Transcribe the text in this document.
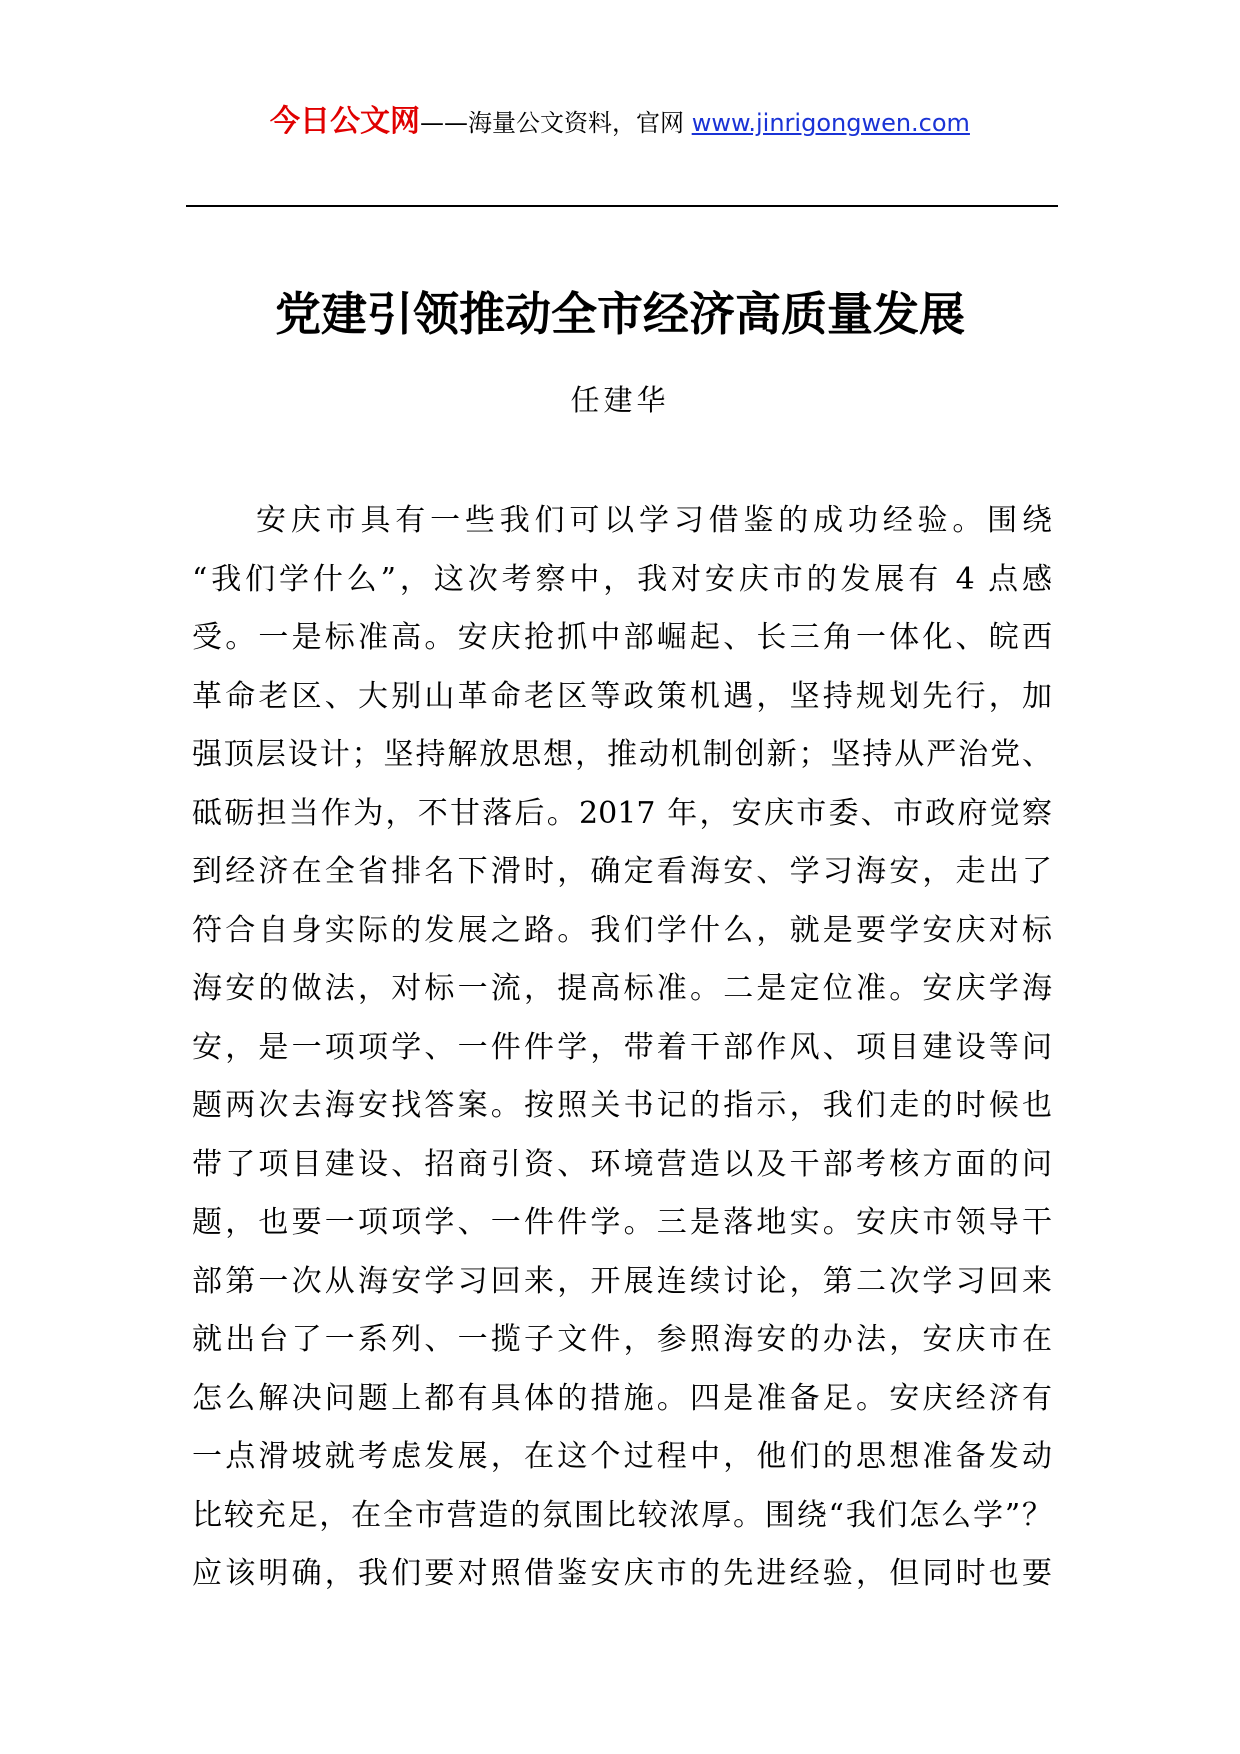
今日公文网——海量公文资料，官网 www.jinrigongwen.com
党建引领推动全市经济高质量发展
任建华
安庆市具有一些我们可以学习借鉴的成功经验。围绕
“我们学什么”，这次考察中，我对安庆市的发展有 4 点感
受。一是标准高。安庆抢抓中部崛起、长三角一体化、皖西
革命老区、大别山革命老区等政策机遇，坚持规划先行，加
强顶层设计；坚持解放思想，推动机制创新；坚持从严治党、
砥砺担当作为，不甘落后。2017 年，安庆市委、市政府觉察
到经济在全省排名下滑时，确定看海安、学习海安，走出了
符合自身实际的发展之路。我们学什么，就是要学安庆对标
海安的做法，对标一流，提高标准。二是定位准。安庆学海
安，是一项项学、一件件学，带着干部作风、项目建设等问
题两次去海安找答案。按照关书记的指示，我们走的时候也
带了项目建设、招商引资、环境营造以及干部考核方面的问
题，也要一项项学、一件件学。三是落地实。安庆市领导干
部第一次从海安学习回来，开展连续讨论，第二次学习回来
就出台了一系列、一揽子文件，参照海安的办法，安庆市在
怎么解决问题上都有具体的措施。四是准备足。安庆经济有
一点滑坡就考虑发展，在这个过程中，他们的思想准备发动
比较充足，在全市营造的氛围比较浓厚。围绕“我们怎么学”？
应该明确，我们要对照借鉴安庆市的先进经验，但同时也要
